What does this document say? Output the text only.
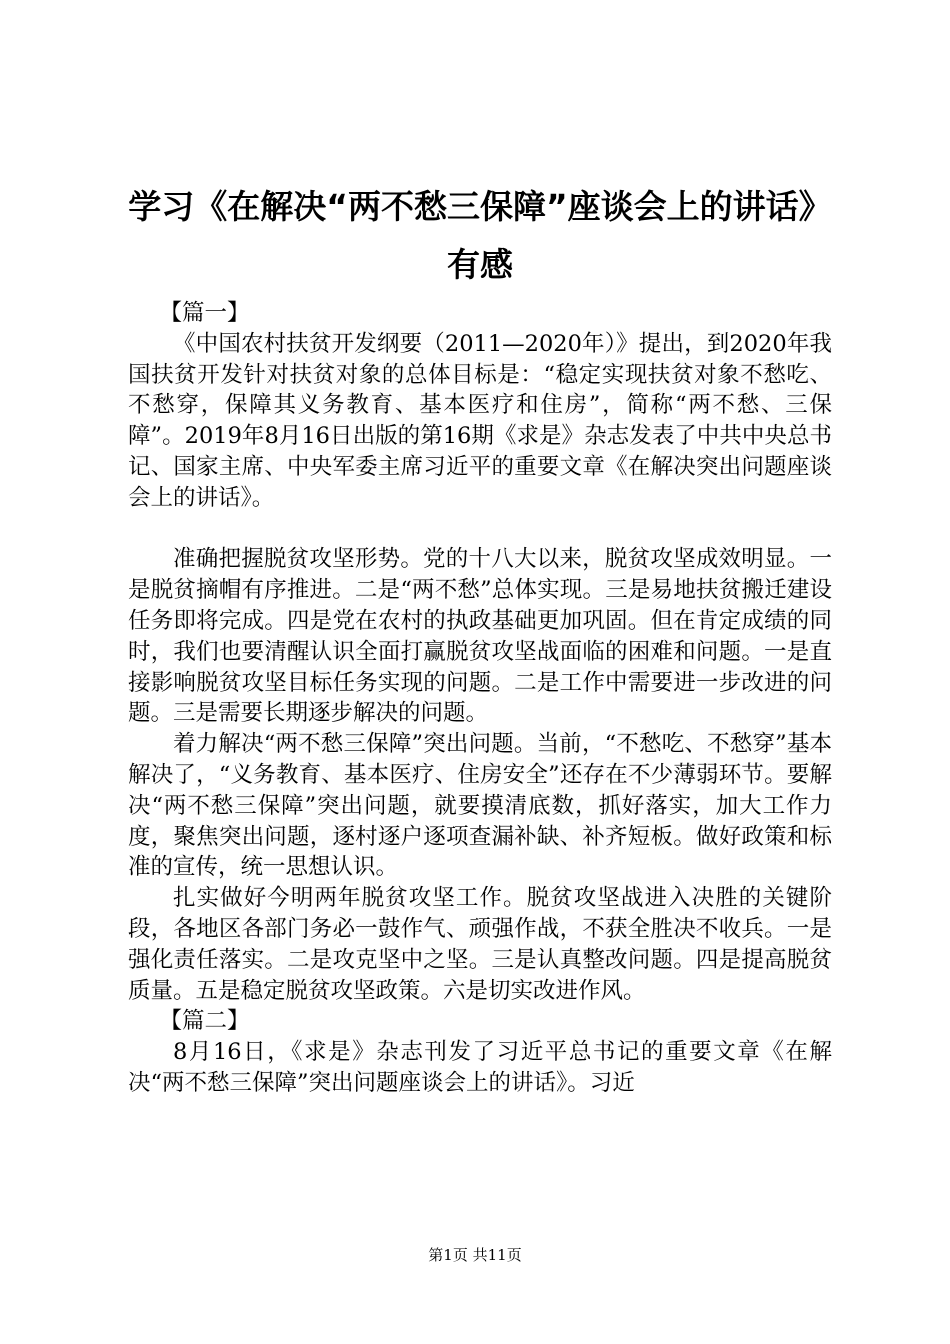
学习《在解决“两不愁三保障”座谈会上的讲话》有感

【篇一】

《中国农村扶贫开发纲要（2011—2020年）》提出，到2020年我国扶贫开发针对扶贫对象的总体目标是：“稳定实现扶贫对象不愁吃、不愁穿，保障其义务教育、基本医疗和住房”，简称“两不愁、三保障”。2019年8月16日出版的第16期《求是》杂志发表了中共中央总书记、国家主席、中央军委主席习近平的重要文章《在解决突出问题座谈会上的讲话》。

准确把握脱贫攻坚形势。党的十八大以来，脱贫攻坚成效明显。一是脱贫摘帽有序推进。二是“两不愁”总体实现。三是易地扶贫搬迁建设任务即将完成。四是党在农村的执政基础更加巩固。但在肯定成绩的同时，我们也要清醒认识全面打赢脱贫攻坚战面临的困难和问题。一是直接影响脱贫攻坚目标任务实现的问题。二是工作中需要进一步改进的问题。三是需要长期逐步解决的问题。

着力解决“两不愁三保障”突出问题。当前，“不愁吃、不愁穿”基本解决了，“义务教育、基本医疗、住房安全”还存在不少薄弱环节。要解决“两不愁三保障”突出问题，就要摸清底数，抓好落实，加大工作力度，聚焦突出问题，逐村逐户逐项查漏补缺、补齐短板。做好政策和标准的宣传，统一思想认识。

扎实做好今明两年脱贫攻坚工作。脱贫攻坚战进入决胜的关键阶段，各地区各部门务必一鼓作气、顽强作战，不获全胜决不收兵。一是强化责任落实。二是攻克坚中之坚。三是认真整改问题。四是提高脱贫质量。五是稳定脱贫攻坚政策。六是切实改进作风。

【篇二】

8月16日，《求是》杂志刊发了习近平总书记的重要文章《在解决“两不愁三保障”突出问题座谈会上的讲话》。习近

第1页 共11页
